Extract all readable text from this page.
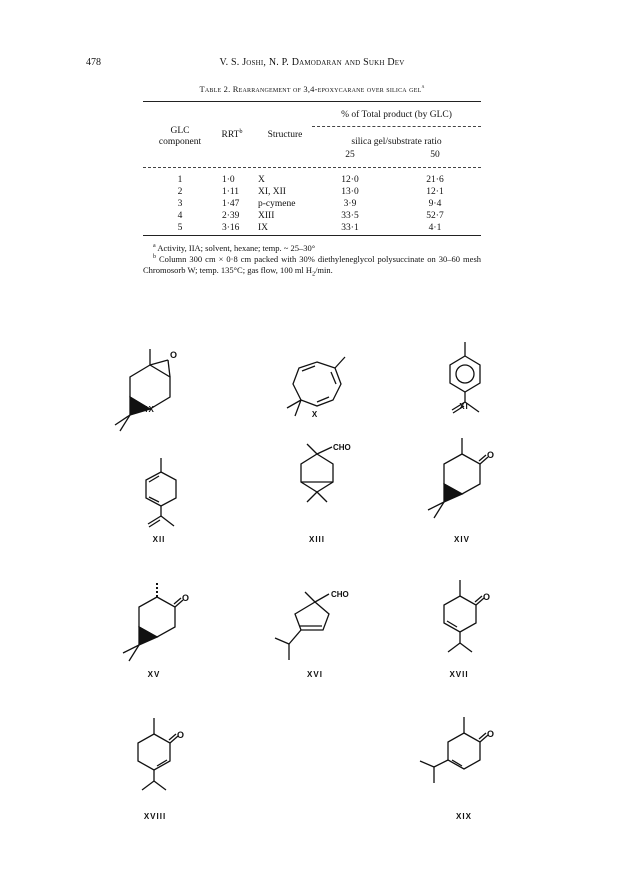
478	V. S. Joshi, N. P. Damodaran and Sukh Dev
Table 2. Rearrangement of 3,4-epoxycarane over silica gel$^a$
GLC
component
RRT$^b$	Structure
% of Total product (by GLC)
silica gel/substrate ratio
25	50
1	1·0 X	12·0	21·6
2	1·11 XI, XII	13·0	12·1
3	1·47 p-cymene	3·9	9·4
4	2·39 XIII	33·5	52·7
5	3·16 IX	33·1	4·1

$^a$ Activity, IIA; solvent, hexane; temp. ~ 25–30°

$^b$ Column 300 cm × 0·8 cm packed with 30% diethyleneglycol polysuccinate on 30–60 mesh Chromosorb W; temp. 135°C; gas flow, 100 ml $H_2/\min$.

O
IX
X
XI
XII
CHO
XIII
O
XIV
O
XV
CHO
XVI
O
XVII
O
XVIII
O
XIX
